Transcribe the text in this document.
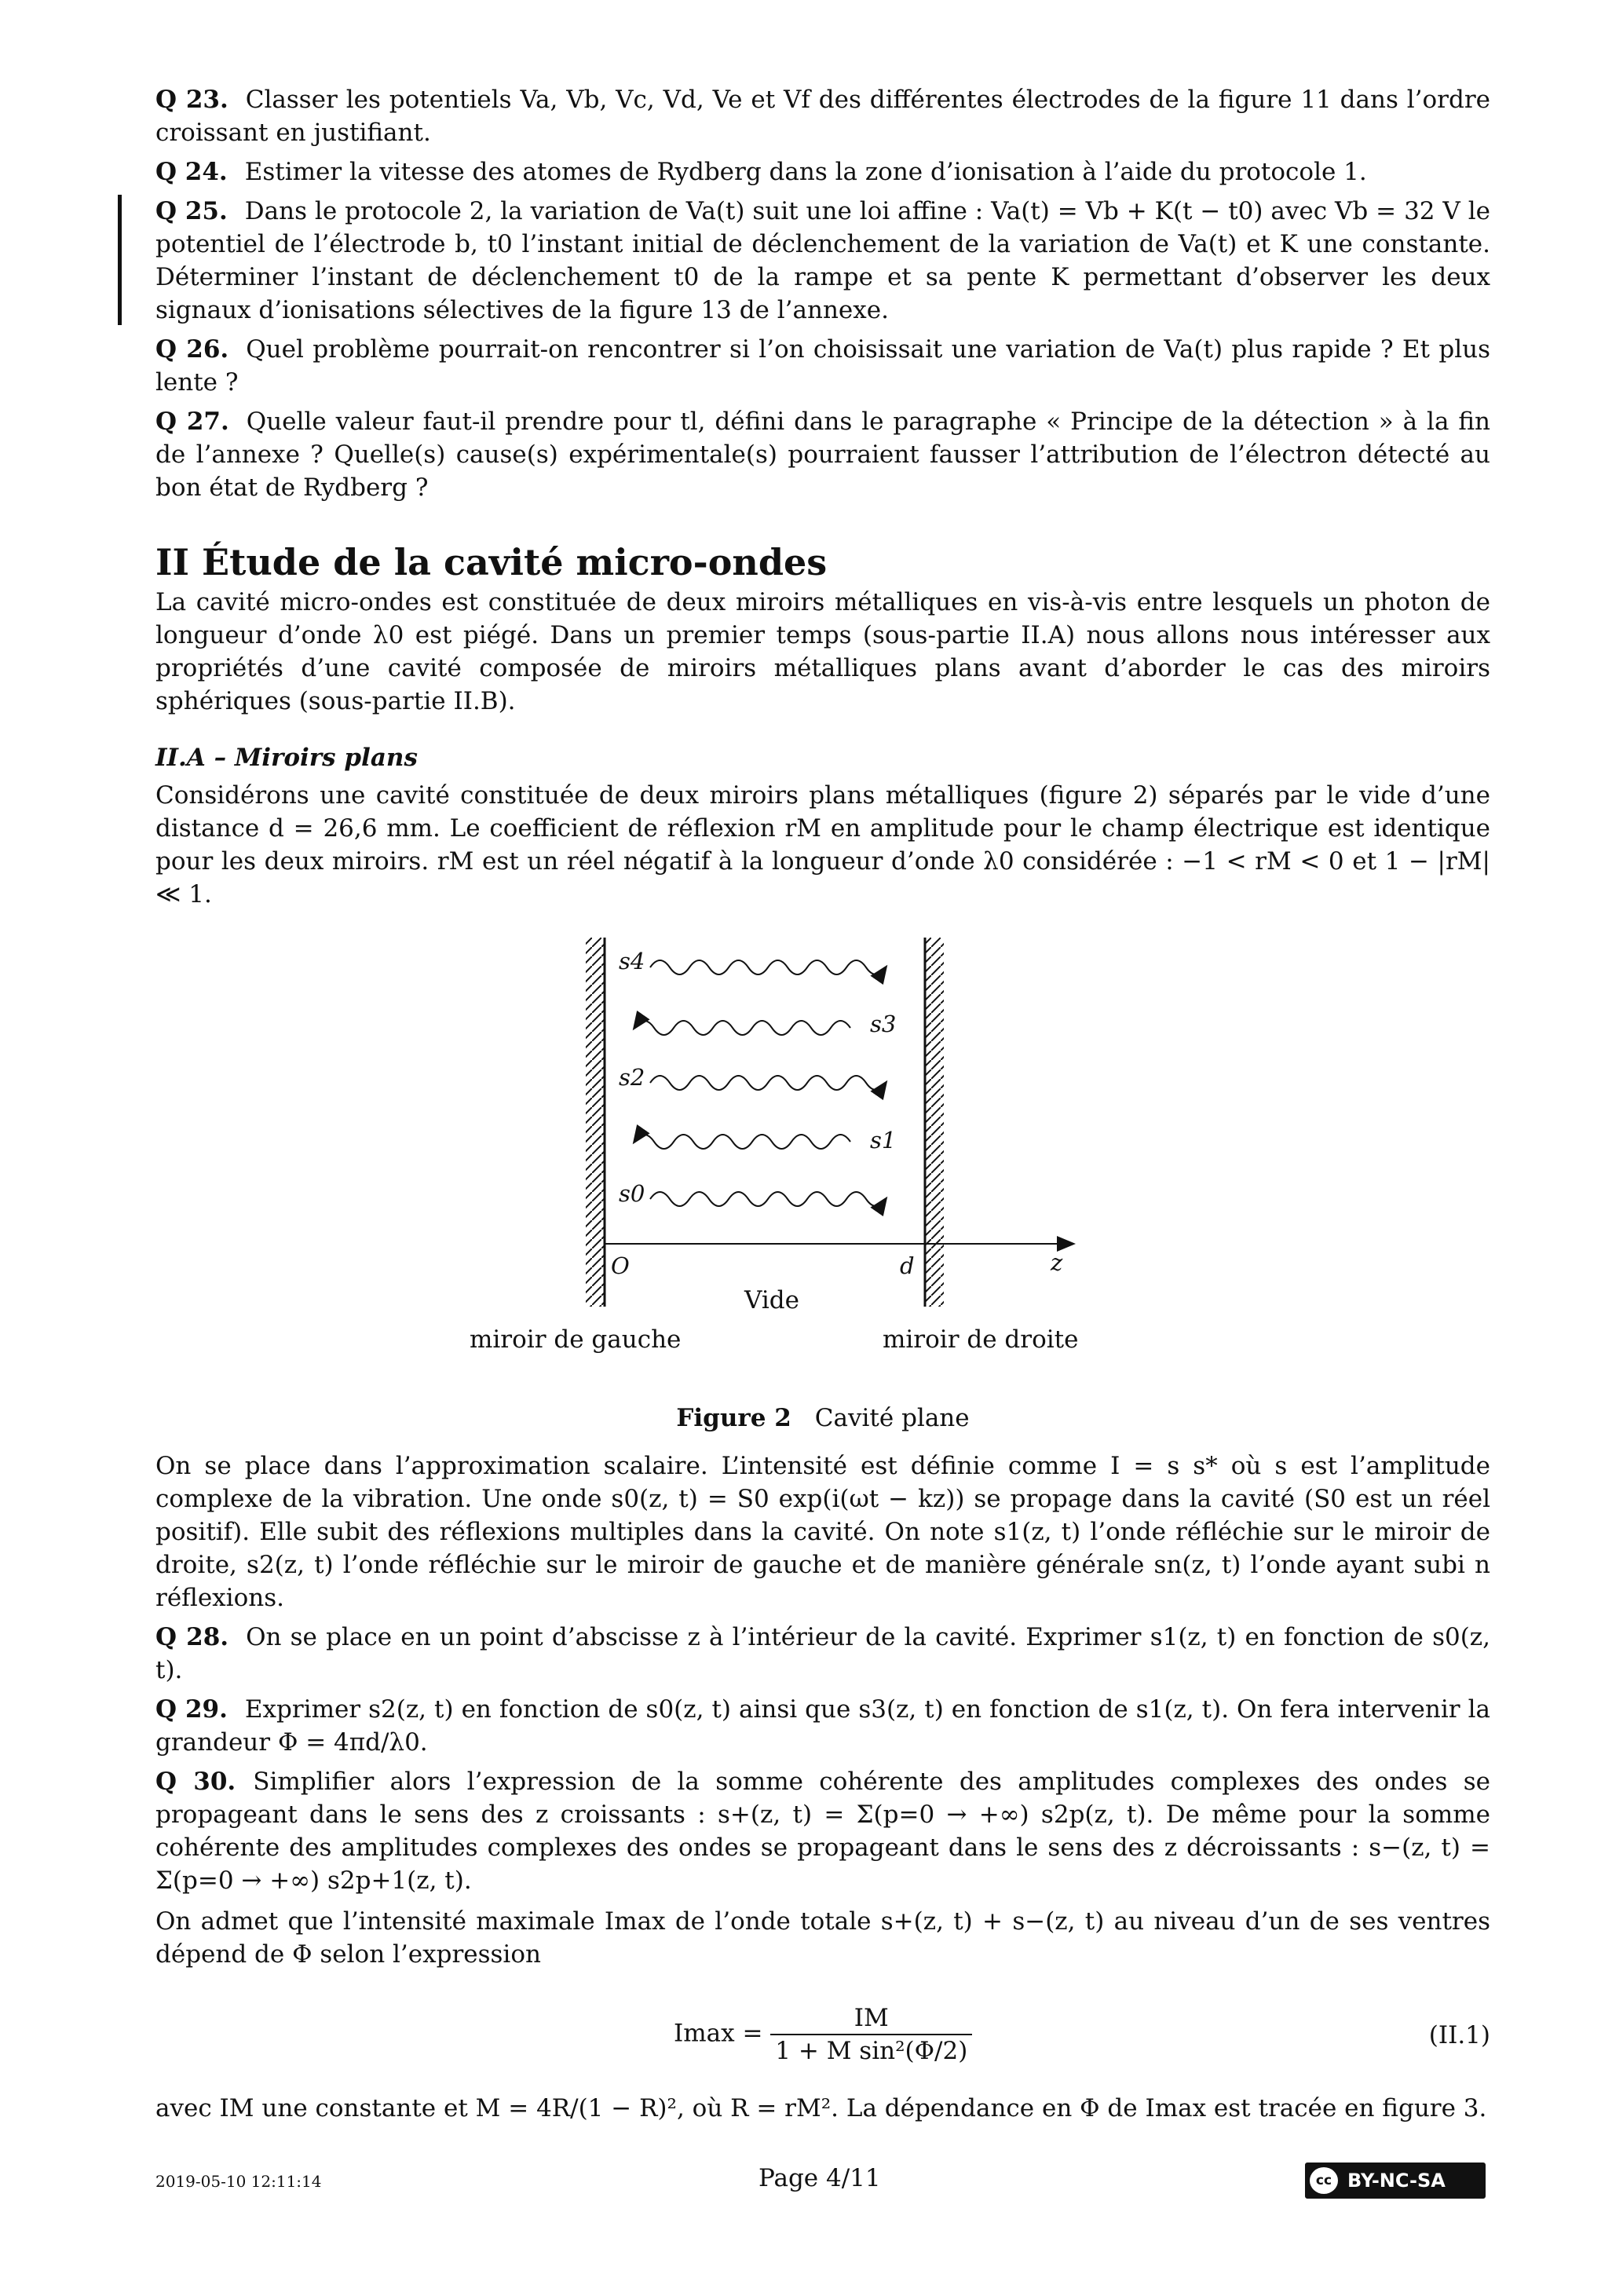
Q 23. Classer les potentiels Va, Vb, Vc, Vd, Ve et Vf des différentes électrodes de la figure 11 dans l’ordre croissant en justifiant.
Q 24. Estimer la vitesse des atomes de Rydberg dans la zone d’ionisation à l’aide du protocole 1.
Q 25. Dans le protocole 2, la variation de Va(t) suit une loi affine : Va(t) = Vb + K(t − t0) avec Vb = 32 V le potentiel de l’électrode b, t0 l’instant initial de déclenchement de la variation de Va(t) et K une constante. Déterminer l’instant de déclenchement t0 de la rampe et sa pente K permettant d’observer les deux signaux d’ionisations sélectives de la figure 13 de l’annexe.
Q 26. Quel problème pourrait-on rencontrer si l’on choisissait une variation de Va(t) plus rapide ? Et plus lente ?
Q 27. Quelle valeur faut-il prendre pour tl, défini dans le paragraphe « Principe de la détection » à la fin de l’annexe ? Quelle(s) cause(s) expérimentale(s) pourraient fausser l’attribution de l’électron détecté au bon état de Rydberg ?
II Étude de la cavité micro-ondes

La cavité micro-ondes est constituée de deux miroirs métalliques en vis-à-vis entre lesquels un photon de longueur d’onde λ0 est piégé. Dans un premier temps (sous-partie II.A) nous allons nous intéresser aux propriétés d’une cavité composée de miroirs métalliques plans avant d’aborder le cas des miroirs sphériques (sous-partie II.B).

II.A – Miroirs plans

Considérons une cavité constituée de deux miroirs plans métalliques (figure 2) séparés par le vide d’une distance d = 26,6 mm. Le coefficient de réflexion rM en amplitude pour le champ électrique est identique pour les deux miroirs. rM est un réel négatif à la longueur d’onde λ0 considérée : −1 < rM < 0 et 1 − |rM| ≪ 1.

s4
s3
s2
s1
s0
O	d	z
Vide
miroir de gauche	miroir de droite
Figure 2 Cavité plane

On se place dans l’approximation scalaire. L’intensité est définie comme I = s s* où s est l’amplitude complexe de la vibration. Une onde s0(z, t) = S0 exp(i(ωt − kz)) se propage dans la cavité (S0 est un réel positif). Elle subit des réflexions multiples dans la cavité. On note s1(z, t) l’onde réfléchie sur le miroir de droite, s2(z, t) l’onde réfléchie sur le miroir de gauche et de manière générale sn(z, t) l’onde ayant subi n réflexions.

Q 28. On se place en un point d’abscisse z à l’intérieur de la cavité. Exprimer s1(z, t) en fonction de s0(z, t).
Q 29. Exprimer s2(z, t) en fonction de s0(z, t) ainsi que s3(z, t) en fonction de s1(z, t). On fera intervenir la grandeur Φ = 4πd/λ0.
Q 30. Simplifier alors l’expression de la somme cohérente des amplitudes complexes des ondes se propageant dans le sens des z croissants : s+(z, t) = Σ(p=0 → +∞) s2p(z, t). De même pour la somme cohérente des amplitudes complexes des ondes se propageant dans le sens des z décroissants : s−(z, t) = Σ(p=0 → +∞) s2p+1(z, t).

On admet que l’intensité maximale Imax de l’onde totale s+(z, t) + s−(z, t) au niveau d’un de ses ventres dépend de Φ selon l’expression

$Imax = \frac{IM}{\text{1 + M sin²(Φ/2)}}$	(II.1)

avec IM une constante et M = 4R/(1 − R)², où R = rM². La dépendance en Φ de Imax est tracée en figure 3.

2019-05-10 12:11:14	Page 4/11	cc BY-NC-SA
